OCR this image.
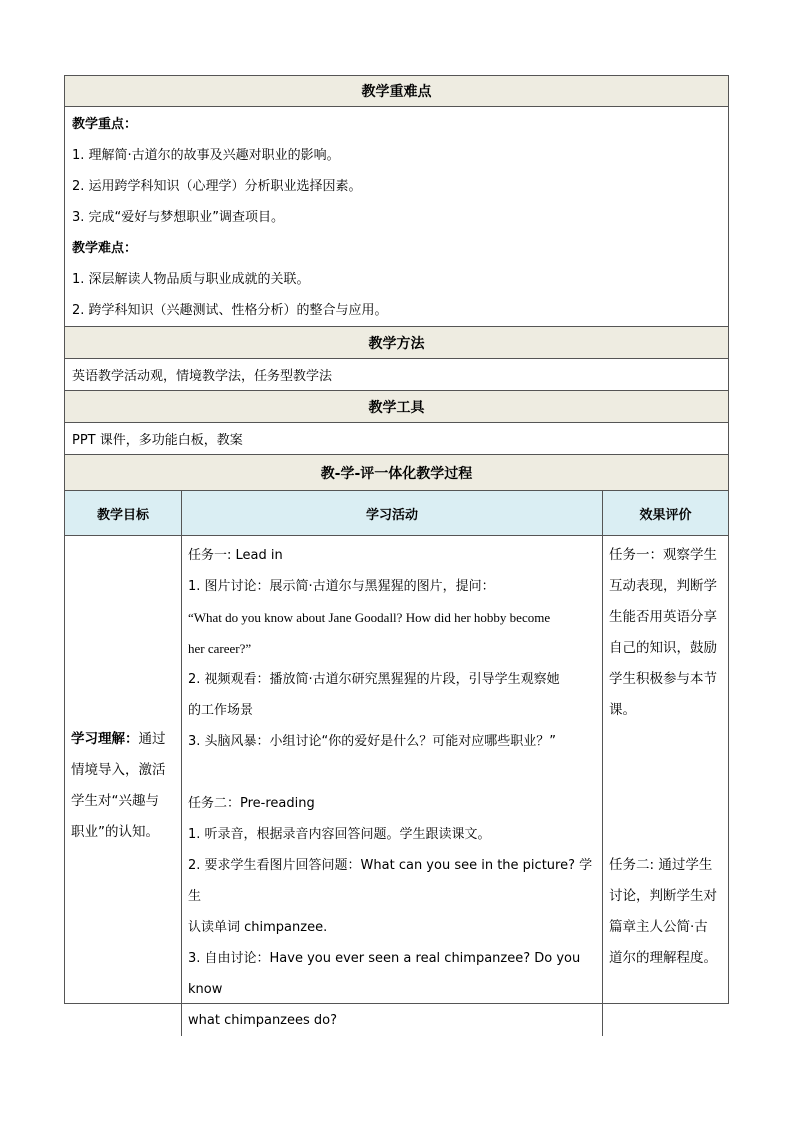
教学重难点
教学重点：
1. 理解简·古道尔的故事及兴趣对职业的影响。
2. 运用跨学科知识（心理学）分析职业选择因素。
3. 完成“爱好与梦想职业”调查项目。
教学难点：
1. 深层解读人物品质与职业成就的关联。
2. 跨学科知识（兴趣测试、性格分析）的整合与应用。
教学方法
英语教学活动观，情境教学法，任务型教学法
教学工具
PPT 课件，多功能白板，教案
教-学-评一体化教学过程
教学目标	学习活动	效果评价
学习理解：通过
情境导入，激活
学生对“兴趣与
职业”的认知。
任务一: Lead in
1. 图片讨论：展示简·古道尔与黑猩猩的图片，提问：
“What do you know about Jane Goodall? How did her hobby become
her career?”
2. 视频观看：播放简·古道尔研究黑猩猩的片段，引导学生观察她
的工作场景
3. 头脑风暴：小组讨论“你的爱好是什么？可能对应哪些职业？”
任务二：Pre-reading
1. 听录音，根据录音内容回答问题。学生跟读课文。
2. 要求学生看图片回答问题：What can you see in the picture? 学生
认读单词 chimpanzee.
3. 自由讨论：Have you ever seen a real chimpanzee? Do you know
what chimpanzees do?
任务一：观察学生
互动表现，判断学
生能否用英语分享
自己的知识，鼓励
学生积极参与本节
课。
任务二: 通过学生
讨论，判断学生对
篇章主人公简·古
道尔的理解程度。
